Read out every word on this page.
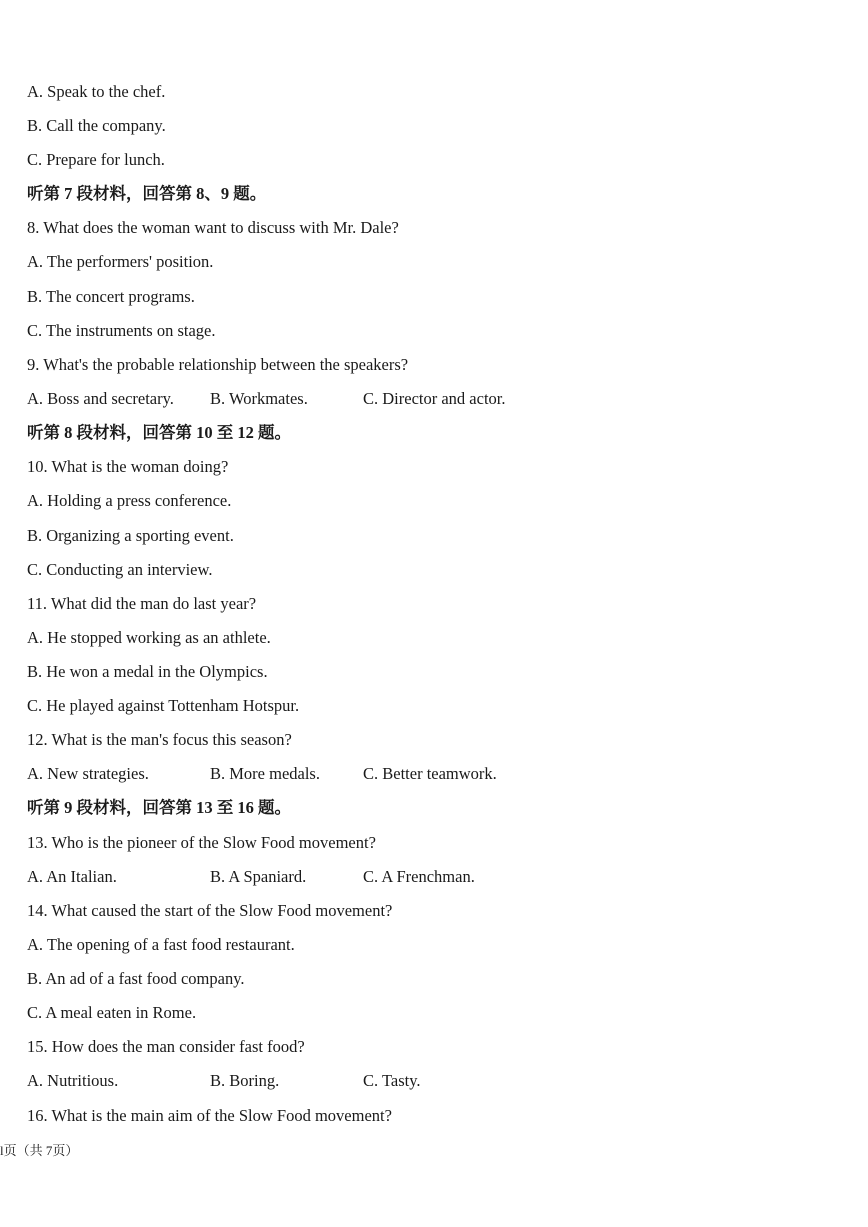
A. Speak to the chef.
B. Call the company.
C. Prepare for lunch.
听第 7 段材料，回答第 8、9 题。
8. What does the woman want to discuss with Mr. Dale?
A. The performers' position.
B. The concert programs.
C. The instruments on stage.
9. What's the probable relationship between the speakers?
A. Boss and secretary. B. Workmates.	C. Director and actor.
听第 8 段材料，回答第 10 至 12 题。
10. What is the woman doing?
A. Holding a press conference.
B. Organizing a sporting event.
C. Conducting an interview.
11. What did the man do last year?
A. He stopped working as an athlete.
B. He won a medal in the Olympics.
C. He played against Tottenham Hotspur.
12. What is the man's focus this season?
A. New strategies.	B. More medals.	C. Better teamwork.
听第 9 段材料，回答第 13 至 16 题。
13. Who is the pioneer of the Slow Food movement?
A. An Italian.	B. A Spaniard.	C. A Frenchman.
14. What caused the start of the Slow Food movement?
A. The opening of a fast food restaurant.
B. An ad of a fast food company.
C. A meal eaten in Rome.
15. How does the man consider fast food?
A. Nutritious.	B. Boring.	C. Tasty.
16. What is the main aim of the Slow Food movement?
l页（共 7页）
